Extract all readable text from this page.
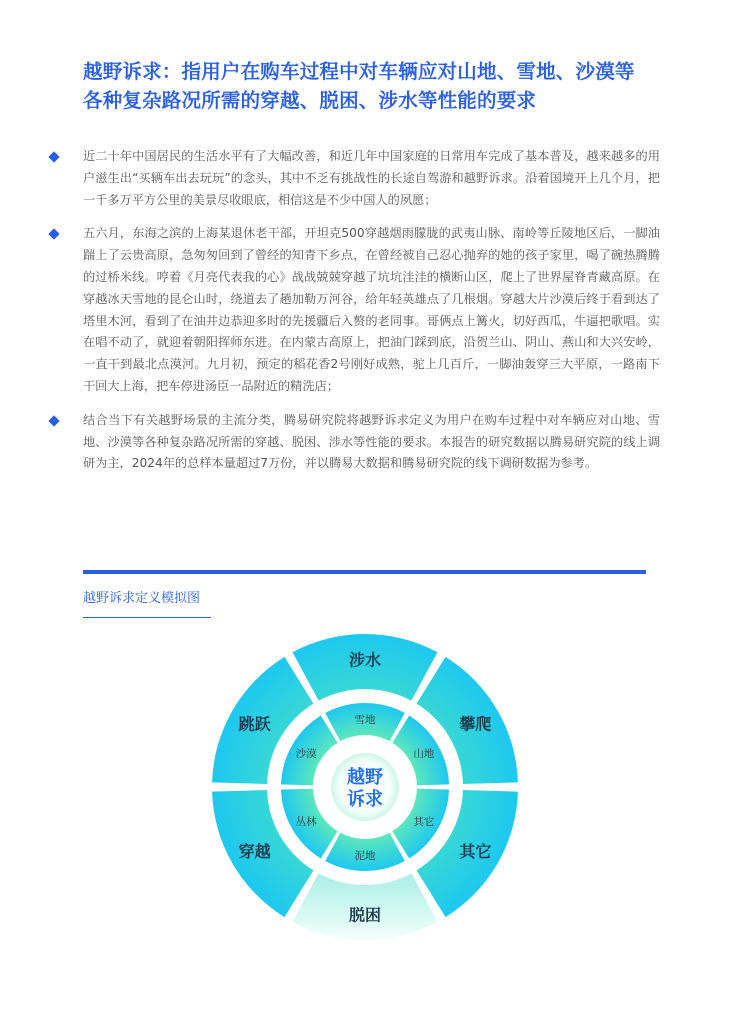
越野诉求：指用户在购车过程中对车辆应对山地、雪地、沙漠等
各种复杂路况所需的穿越、脱困、涉水等性能的要求

近二十年中国居民的生活水平有了大幅改善，和近几年中国家庭的日常用车完成了基本普及，越来越多的用户滋生出“买辆车出去玩玩”的念头，其中不乏有挑战性的长途自驾游和越野诉求。沿着国境开上几个月，把一千多万平方公里的美景尽收眼底，相信这是不少中国人的夙愿；

五六月，东海之滨的上海某退休老干部，开坦克500穿越烟雨朦胧的武夷山脉、南岭等丘陵地区后，一脚油踹上了云贵高原，急匆匆回到了曾经的知青下乡点，在曾经被自己忍心抛弃的她的孩子家里，喝了碗热腾腾的过桥米线。哼着《月亮代表我的心》战战兢兢穿越了坑坑洼洼的横断山区，爬上了世界屋脊青藏高原。在穿越冰天雪地的昆仑山时，绕道去了趟加勒万河谷，给年轻英雄点了几根烟。穿越大片沙漠后终于看到达了塔里木河，看到了在油井边恭迎多时的先援疆后入赘的老同事。哥俩点上篝火，切好西瓜，牛逼把歌唱。实在唱不动了，就迎着朝阳挥师东进。在内蒙古高原上，把油门踩到底，沿贺兰山、阴山、燕山和大兴安岭，一直干到最北点漠河。九月初，预定的稻花香2号刚好成熟，驼上几百斤，一脚油轰穿三大平原，一路南下干回大上海，把车停进汤臣一品附近的精洗店；

结合当下有关越野场景的主流分类，腾易研究院将越野诉求定义为用户在购车过程中对车辆应对山地、雪地、沙漠等各种复杂路况所需的穿越、脱困、涉水等性能的要求。本报告的研究数据以腾易研究院的线上调研为主，2024年的总样本量超过7万份，并以腾易大数据和腾易研究院的线下调研数据为参考。

越野诉求定义模拟图
涉水
攀爬
其它
脱困
穿越
跳跃	雪地
山地
其它
泥地
丛林
沙漠
越野
诉求
